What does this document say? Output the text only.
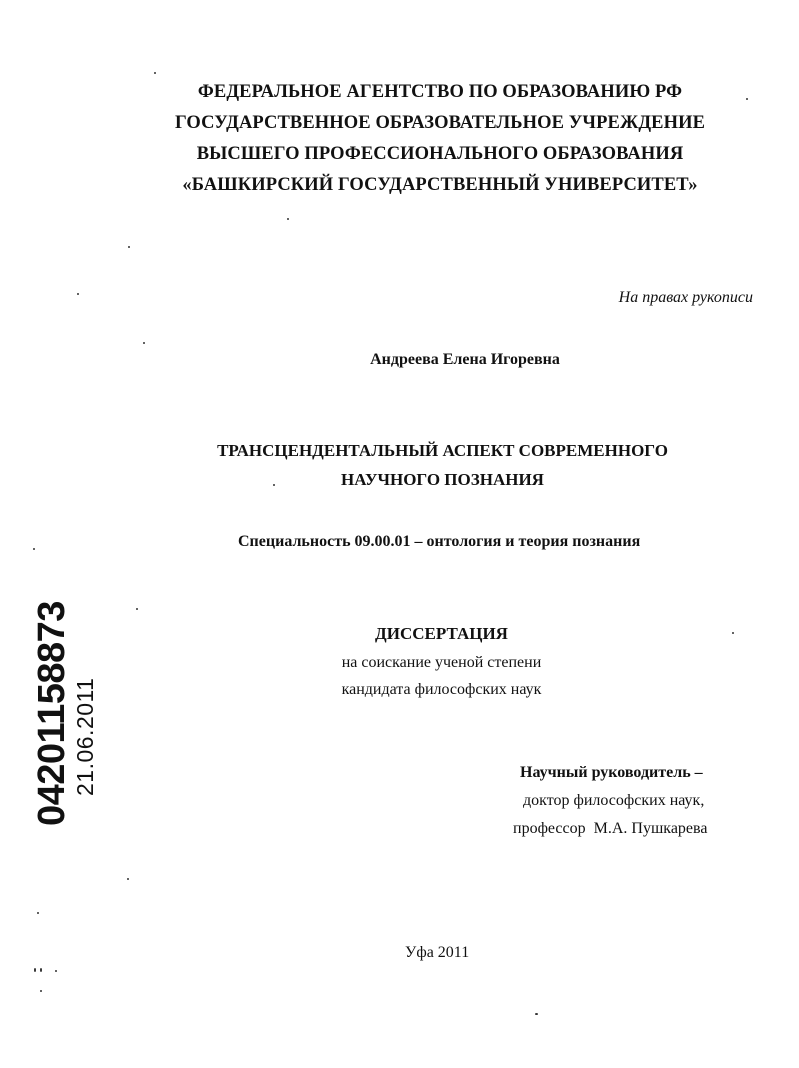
ФЕДЕРАЛЬНОЕ АГЕНТСТВО ПО ОБРАЗОВАНИЮ РФ
ГОСУДАРСТВЕННОЕ ОБРАЗОВАТЕЛЬНОЕ УЧРЕЖДЕНИЕ
ВЫСШЕГО ПРОФЕССИОНАЛЬНОГО ОБРАЗОВАНИЯ
«БАШКИРСКИЙ ГОСУДАРСТВЕННЫЙ УНИВЕРСИТЕТ»
На правах рукописи
Андреева Елена Игоревна
ТРАНСЦЕНДЕНТАЛЬНЫЙ АСПЕКТ СОВРЕМЕННОГО
НАУЧНОГО ПОЗНАНИЯ
Специальность 09.00.01 – онтология и теория познания
ДИССЕРТАЦИЯ
на соискание ученой степени
кандидата философских наук
Научный руководитель –
доктор философских наук,
профессор  М.А. Пушкарева
Уфа 2011
04201158873 21.06.2011
